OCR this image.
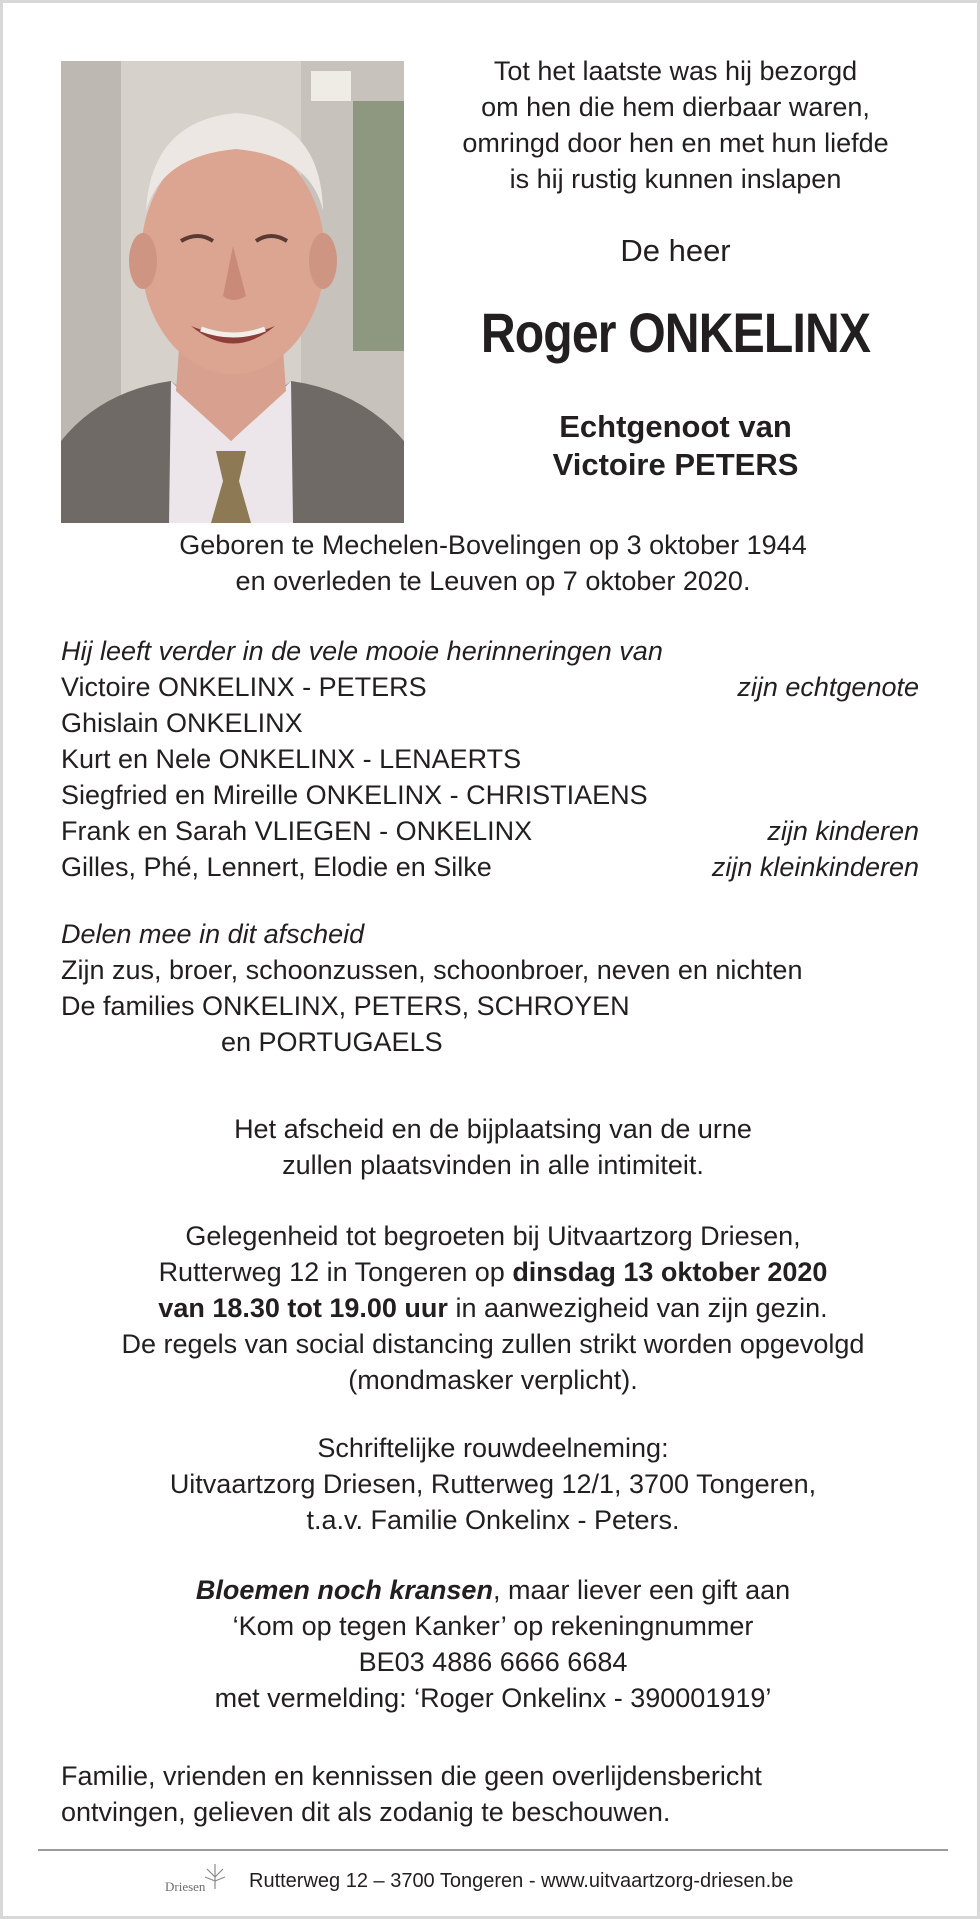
Tot het laatste was hij bezorgd
om hen die hem dierbaar waren,
omringd door hen en met hun liefde
is hij rustig kunnen inslapen
De heer
Roger ONKELINX
Echtgenoot van
Victoire PETERS
Geboren te Mechelen-Bovelingen op 3 oktober 1944
en overleden te Leuven op 7 oktober 2020.
Hij leeft verder in de vele mooie herinneringen van
Victoire ONKELINX - PETERS	zijn echtgenote
Ghislain ONKELINX
Kurt en Nele ONKELINX - LENAERTS
Siegfried en Mireille ONKELINX - CHRISTIAENS
Frank en Sarah VLIEGEN - ONKELINX	zijn kinderen
Gilles, Phé, Lennert, Elodie en Silke	zijn kleinkinderen
Delen mee in dit afscheid
Zijn zus, broer, schoonzussen, schoonbroer, neven en nichten
De families ONKELINX, PETERS, SCHROYEN
en PORTUGAELS
Het afscheid en de bijplaatsing van de urne
zullen plaatsvinden in alle intimiteit.
Gelegenheid tot begroeten bij Uitvaartzorg Driesen,
Rutterweg 12 in Tongeren op dinsdag 13 oktober 2020
van 18.30 tot 19.00 uur in aanwezigheid van zijn gezin.
De regels van social distancing zullen strikt worden opgevolgd
(mondmasker verplicht).
Schriftelijke rouwdeelneming:
Uitvaartzorg Driesen, Rutterweg 12/1, 3700 Tongeren,
t.a.v. Familie Onkelinx - Peters.
Bloemen noch kransen, maar liever een gift aan
‘Kom op tegen Kanker’ op rekeningnummer
BE03 4886 6666 6684
met vermelding: ‘Roger Onkelinx - 390001919’
Familie, vrienden en kennissen die geen overlijdensbericht
ontvingen, gelieven dit als zodanig te beschouwen.
Driesen Rutterweg 12 – 3700 Tongeren - www.uitvaartzorg-driesen.be
